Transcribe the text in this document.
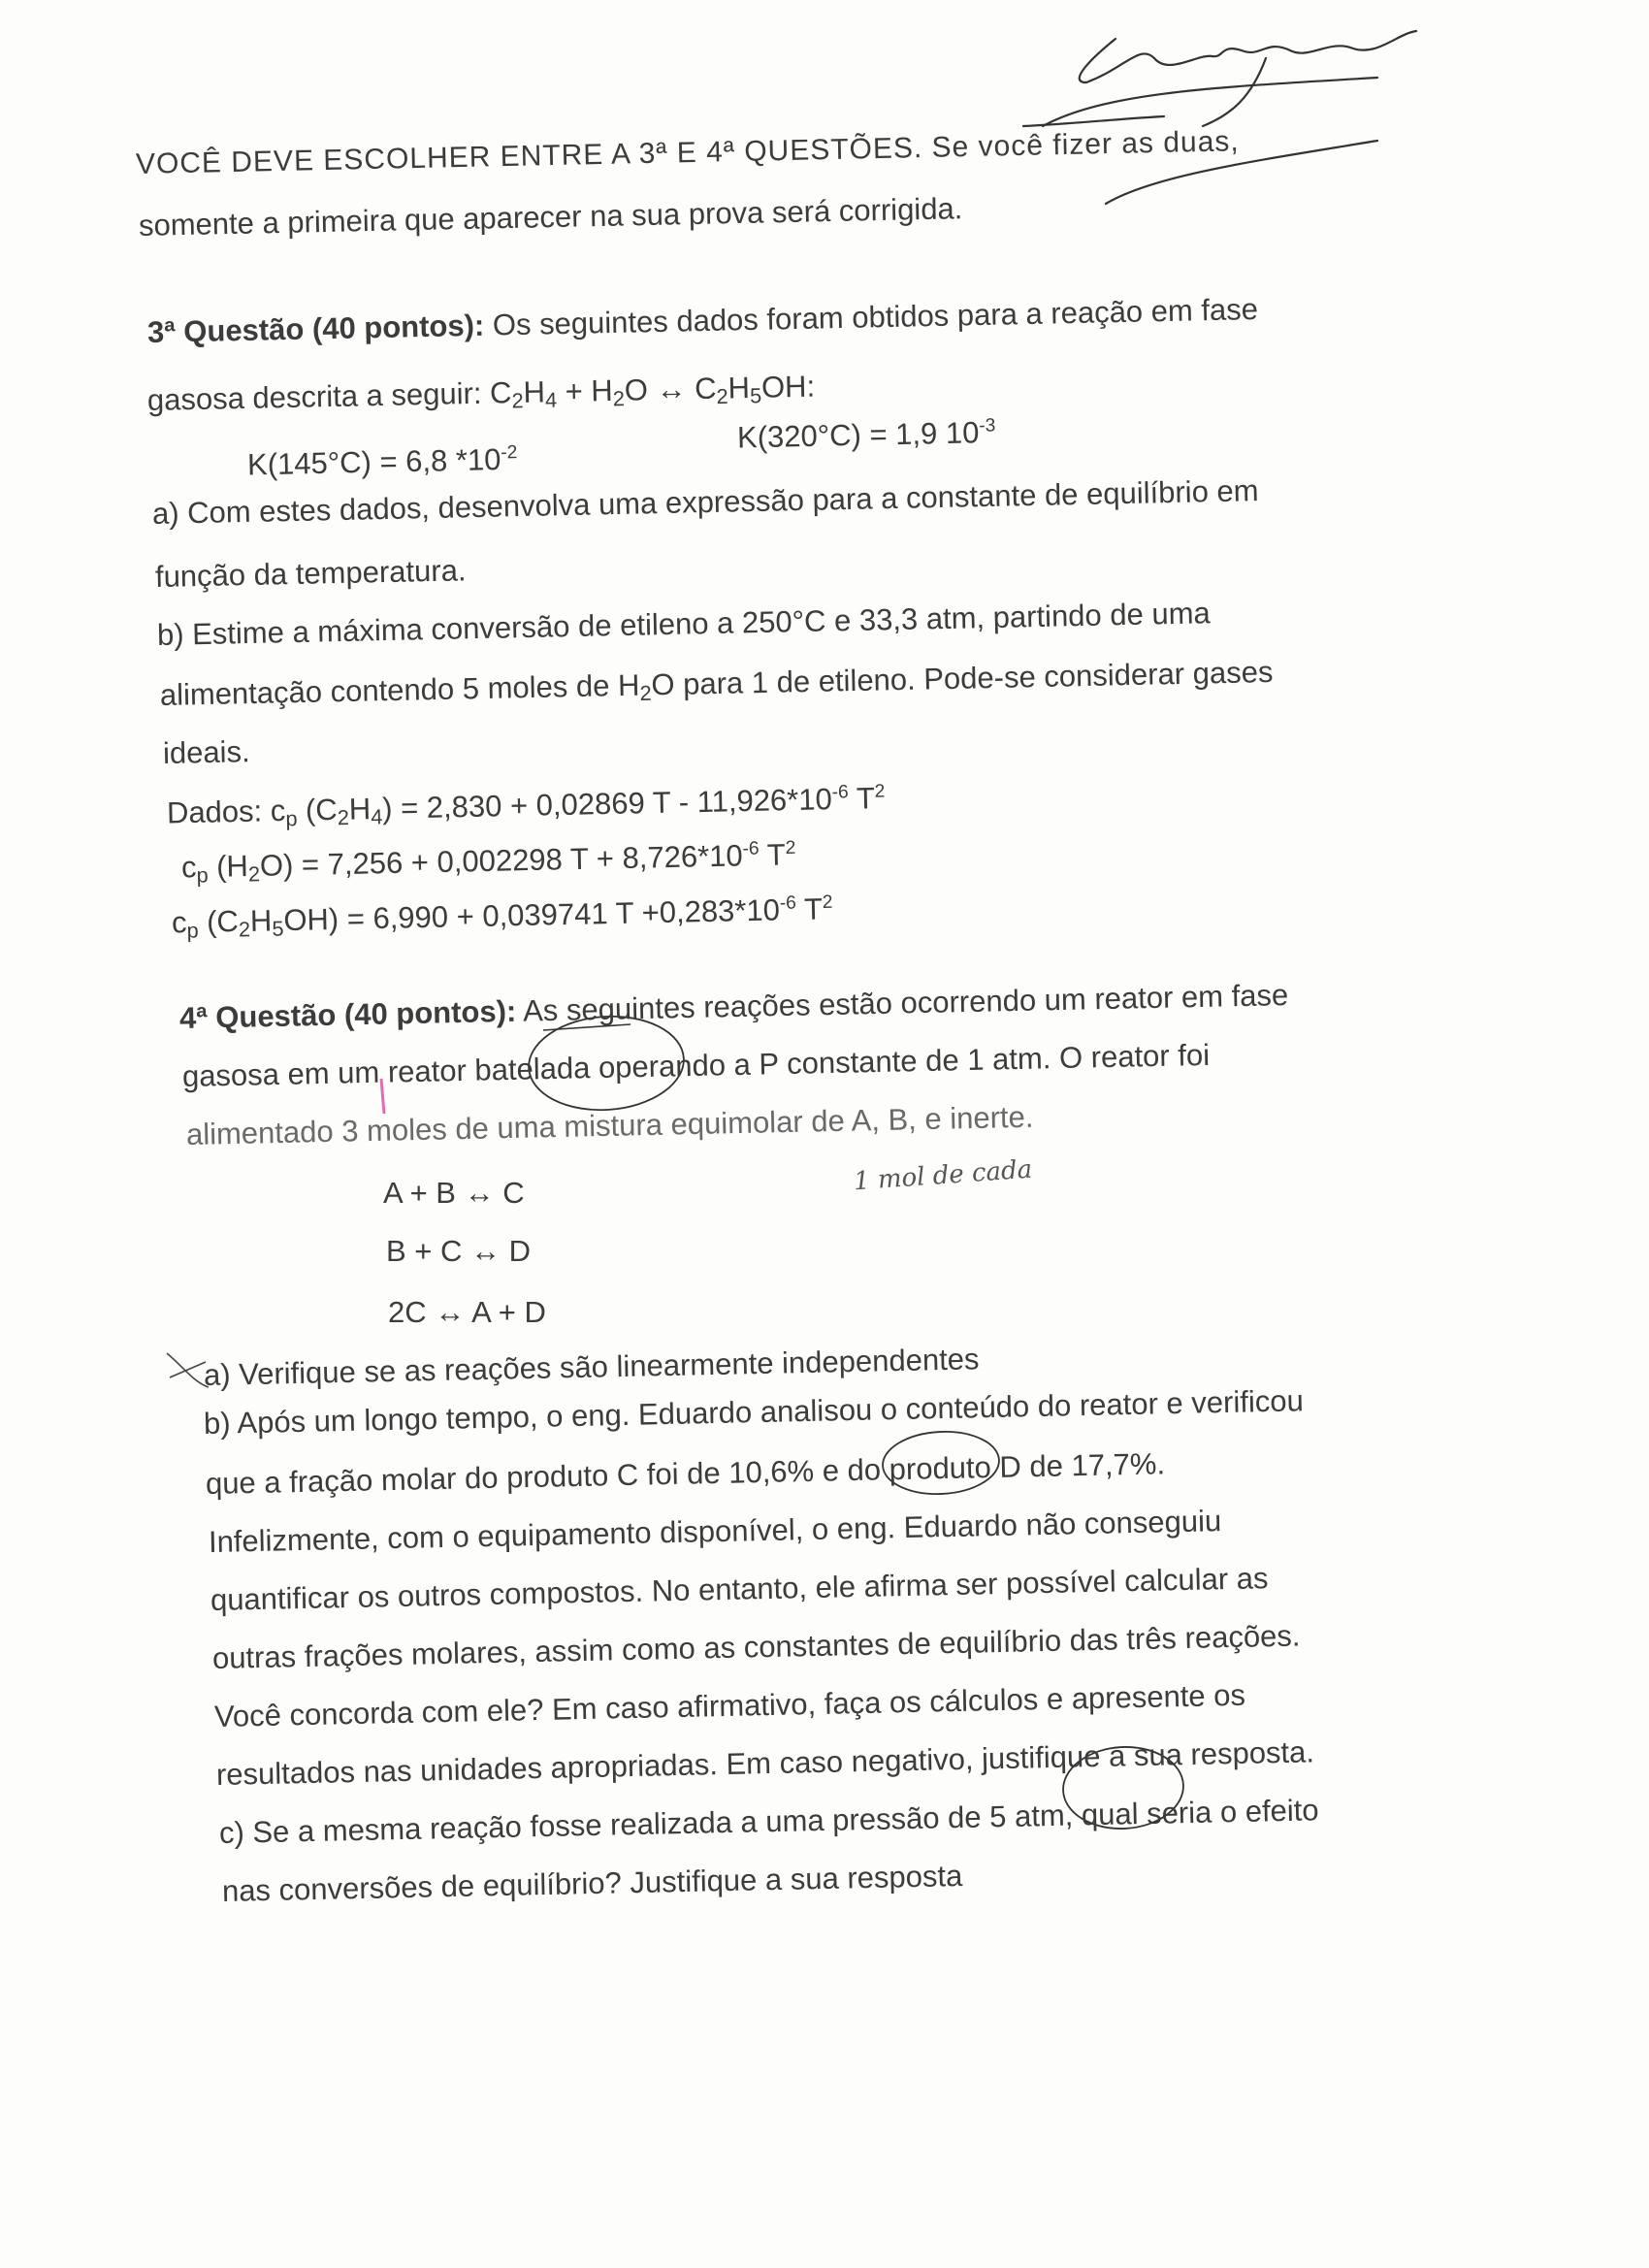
VOCÊ DEVE ESCOLHER ENTRE A 3ª E 4ª QUESTÕES. Se você fizer as duas,
somente a primeira que aparecer na sua prova será corrigida.
3ª Questão (40 pontos): Os seguintes dados foram obtidos para a reação em fase
gasosa descrita a seguir: $C_2H_4 + H_2O$ ↔ $C_2H_5OH$:
K(145°C) = 6,8 $*10^{-2}$	K(320°C) = 1,9 $10^{-3}$
a) Com estes dados, desenvolva uma expressão para a constante de equilíbrio em
função da temperatura.
b) Estime a máxima conversão de etileno a 250°C e 33,3 atm, partindo de uma
alimentação contendo 5 moles de $H_2O$ para 1 de etileno. Pode-se considerar gases
ideais.
Dados: $c_p$ $(C_2H_4) = 2,830 + 0,02869$ T - $11,926*10^{-6}$ $T^2$
$c_p$ $(H_2O) = 7,256 + 0,002298$ $T + 8,726*10^{-6}$ $T^2$
$c_p$ $(C_2H_5OH) = 6,990 + 0,039741$ $T +0,283*10^{-6}$ $T^2$
4ª Questão (40 pontos): As seguintes reações estão ocorrendo um reator em fase
gasosa em um reator batelada operando a P constante de 1 atm. O reator foi
alimentado 3 moles de uma mistura equimolar de A, B, e inerte.
1 mol de cada
A + B ↔ C
B + C ↔ D
2C ↔ A + D
a) Verifique se as reações são linearmente independentes
b) Após um longo tempo, o eng. Eduardo analisou o conteúdo do reator e verificou
que a fração molar do produto C foi de 10,6% e do produto D de 17,7%.
Infelizmente, com o equipamento disponível, o eng. Eduardo não conseguiu
quantificar os outros compostos. No entanto, ele afirma ser possível calcular as
outras frações molares, assim como as constantes de equilíbrio das três reações.
Você concorda com ele? Em caso afirmativo, faça os cálculos e apresente os
resultados nas unidades apropriadas. Em caso negativo, justifique a sua resposta.
c) Se a mesma reação fosse realizada a uma pressão de 5 atm, qual seria o efeito
nas conversões de equilíbrio? Justifique a sua resposta
